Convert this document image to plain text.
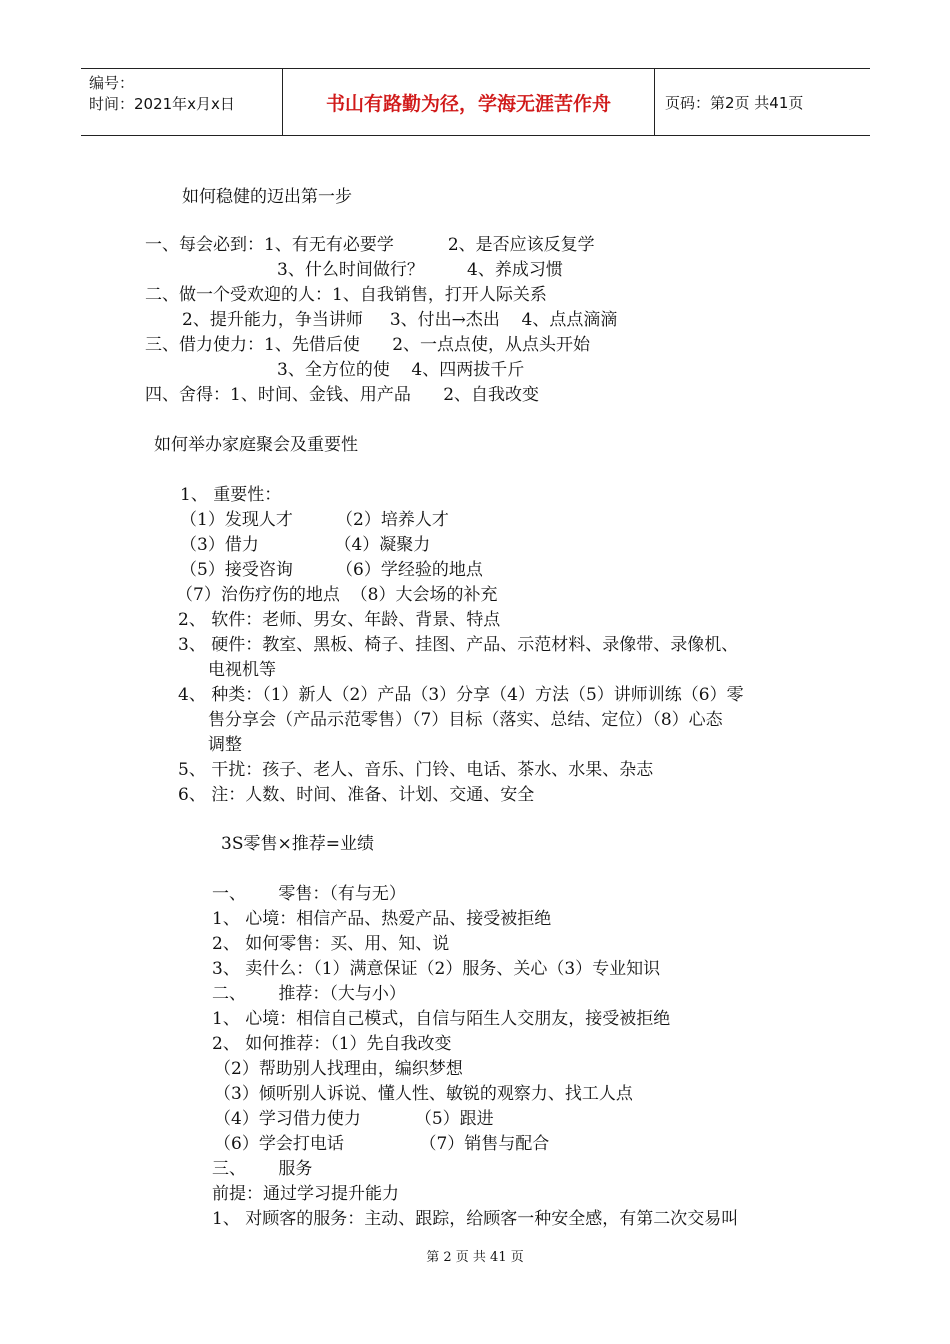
编号：
时间：2021年x月x日	书山有路勤为径，学海无涯苦作舟	页码：第2页 共41页
如何稳健的迈出第一步
一、每会必到：1、有无有必要学          2、是否应该反复学
3、什么时间做行？        4、养成习惯
二、做一个受欢迎的人：1、自我销售，打开人际关系
2、提升能力，争当讲师     3、付出→杰出    4、点点滴滴
三、借力使力：1、先借后使      2、一点点使，从点头开始
3、全方位的使    4、四两拔千斤
四、舍得：1、时间、金钱、用产品      2、自我改变
如何举办家庭聚会及重要性
1、 重要性：
（1）发现人才        （2）培养人才
（3）借力              （4）凝聚力
（5）接受咨询        （6）学经验的地点
（7）治伤疗伤的地点  （8）大会场的补充
2、 软件：老师、男女、年龄、背景、特点
3、 硬件：教室、黑板、椅子、挂图、产品、示范材料、录像带、录像机、
电视机等
4、 种类：（1）新人（2）产品（3）分享（4）方法（5）讲师训练（6）零
售分享会（产品示范零售）（7）目标（落实、总结、定位）（8）心态
调整
5、 干扰：孩子、老人、音乐、门铃、电话、茶水、水果、杂志
6、 注：人数、时间、准备、计划、交通、安全
3S零售×推荐=业绩
一、      零售：（有与无）
1、 心境：相信产品、热爱产品、接受被拒绝
2、 如何零售：买、用、知、说
3、 卖什么：（1）满意保证（2）服务、关心（3）专业知识
二、      推荐：（大与小）
1、 心境：相信自己模式，自信与陌生人交朋友，接受被拒绝
2、 如何推荐：（1）先自我改变
（2）帮助别人找理由，编织梦想
（3）倾听别人诉说、懂人性、敏锐的观察力、找工人点
（4）学习借力使力          （5）跟进
（6）学会打电话              （7）销售与配合
三、      服务
前提：通过学习提升能力
1、 对顾客的服务：主动、跟踪，给顾客一种安全感，有第二次交易叫
第 2 页 共 41 页
